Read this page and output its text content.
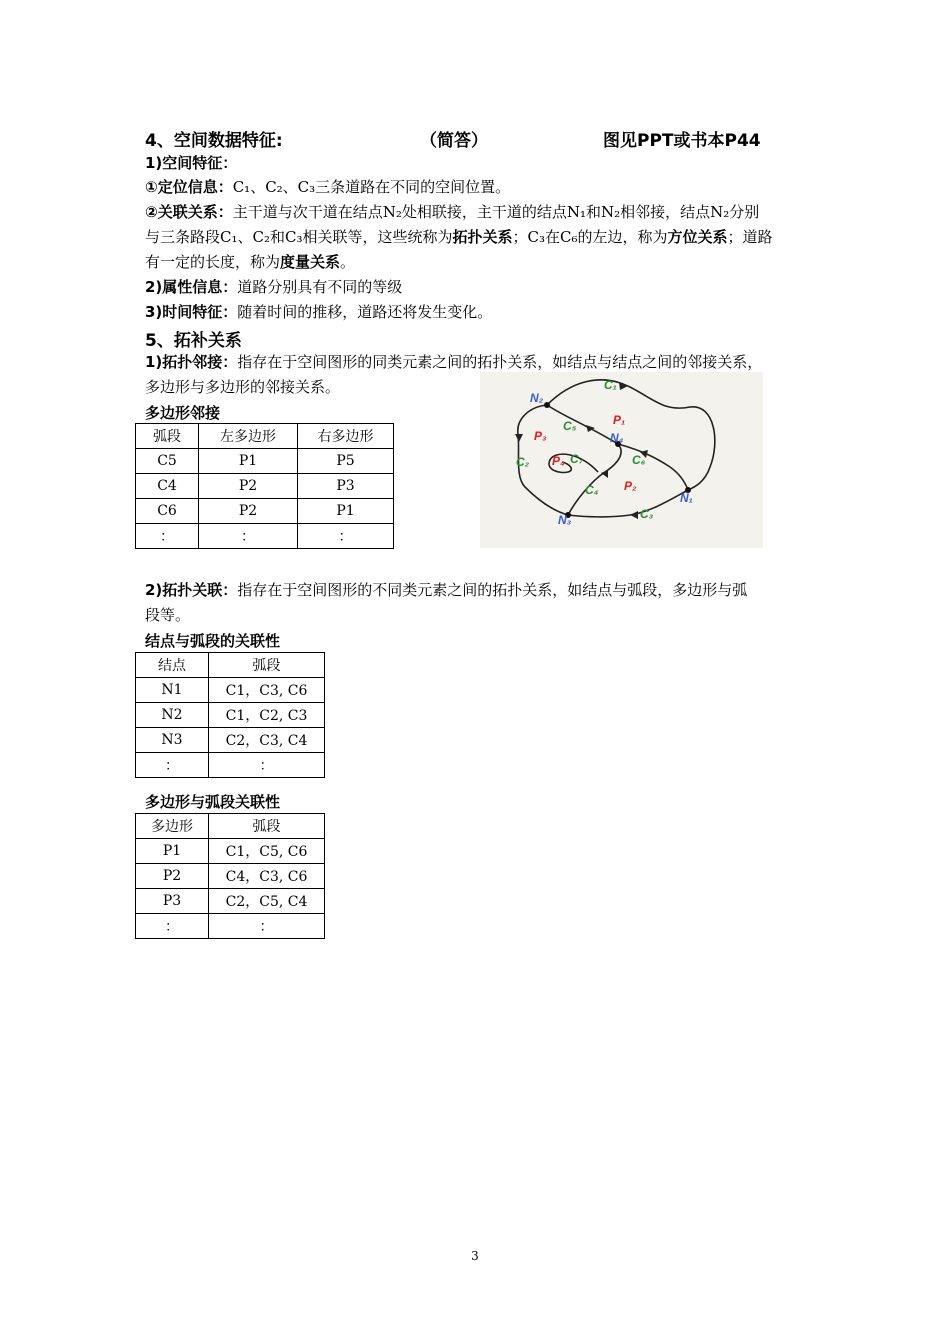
4、空间数据特征:	（简答）	图见PPT或书本P44
1)空间特征：
①定位信息：C₁、C₂、C₃三条道路在不同的空间位置。
②关联关系：主干道与次干道在结点N₂处相联接，主干道的结点N₁和N₂相邻接，结点N₂分别
与三条路段C₁、C₂和C₃相关联等，这些统称为拓扑关系；C₃在C₆的左边，称为方位关系；道路
有一定的长度，称为度量关系。
2)属性信息：道路分别具有不同的等级
3)时间特征：随着时间的推移，道路还将发生变化。
5、拓补关系
1)拓扑邻接：指存在于空间图形的同类元素之间的拓扑关系，如结点与结点之间的邻接关系，
多边形与多边形的邻接关系。
多边形邻接
弧段	左多边形	右多边形
C5	P1	P5
C4	P2	P3
C6	P2	P1
：	：	：
N₂
N₄
N₁
N₃
C₁
C₅
C₆
C₇
C₄
C₃
C₂
P₁
P₃
P₄
P₂
2)拓扑关联：指存在于空间图形的不同类元素之间的拓扑关系，如结点与弧段，多边形与弧
段等。
结点与弧段的关联性
结点	弧段
N1	C1，C3, C6
N2	C1，C2, C3
N3	C2，C3, C4
：	：
多边形与弧段关联性
多边形	弧段
P1	C1，C5, C6
P2	C4，C3, C6
P3	C2，C5, C4
：	：
3
